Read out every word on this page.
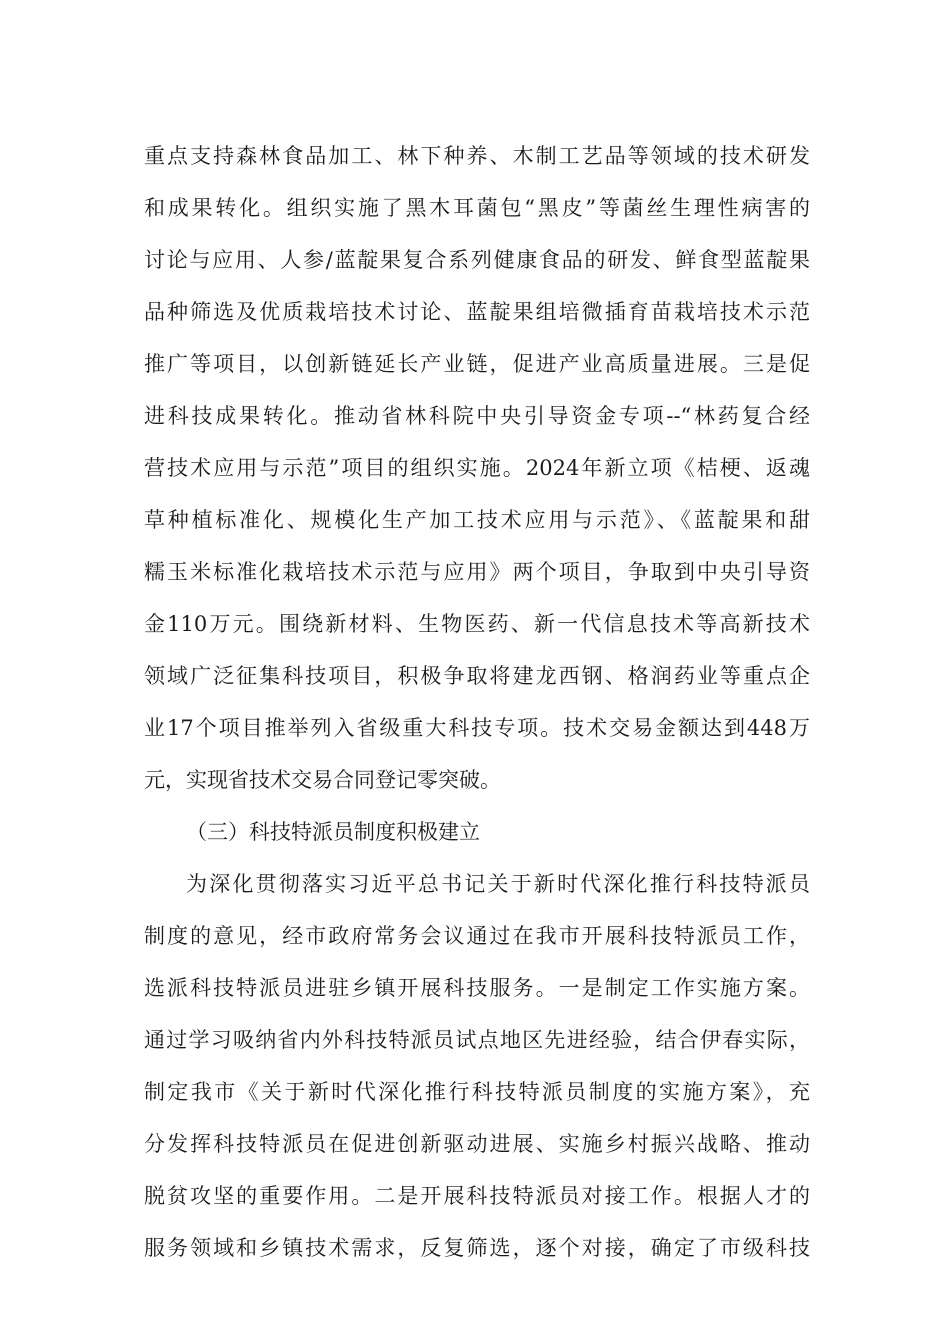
重点支持森林食品加工、林下种养、木制工艺品等领域的技术研发
和成果转化。组织实施了黑木耳菌包“黑皮”等菌丝生理性病害的
讨论与应用、人参/蓝靛果复合系列健康食品的研发、鲜食型蓝靛果
品种筛选及优质栽培技术讨论、蓝靛果组培微插育苗栽培技术示范
推广等项目，以创新链延长产业链，促进产业高质量进展。三是促
进科技成果转化。推动省林科院中央引导资金专项--“林药复合经
营技术应用与示范”项目的组织实施。2024年新立项《桔梗、返魂
草种植标准化、规模化生产加工技术应用与示范》、《蓝靛果和甜
糯玉米标准化栽培技术示范与应用》两个项目，争取到中央引导资
金110万元。围绕新材料、生物医药、新一代信息技术等高新技术
领域广泛征集科技项目，积极争取将建龙西钢、格润药业等重点企
业17个项目推举列入省级重大科技专项。技术交易金额达到448万
元，实现省技术交易合同登记零突破。
（三）科技特派员制度积极建立
为深化贯彻落实习近平总书记关于新时代深化推行科技特派员
制度的意见，经市政府常务会议通过在我市开展科技特派员工作，
选派科技特派员进驻乡镇开展科技服务。一是制定工作实施方案。
通过学习吸纳省内外科技特派员试点地区先进经验，结合伊春实际，
制定我市《关于新时代深化推行科技特派员制度的实施方案》，充
分发挥科技特派员在促进创新驱动进展、实施乡村振兴战略、推动
脱贫攻坚的重要作用。二是开展科技特派员对接工作。根据人才的
服务领域和乡镇技术需求，反复筛选，逐个对接，确定了市级科技
